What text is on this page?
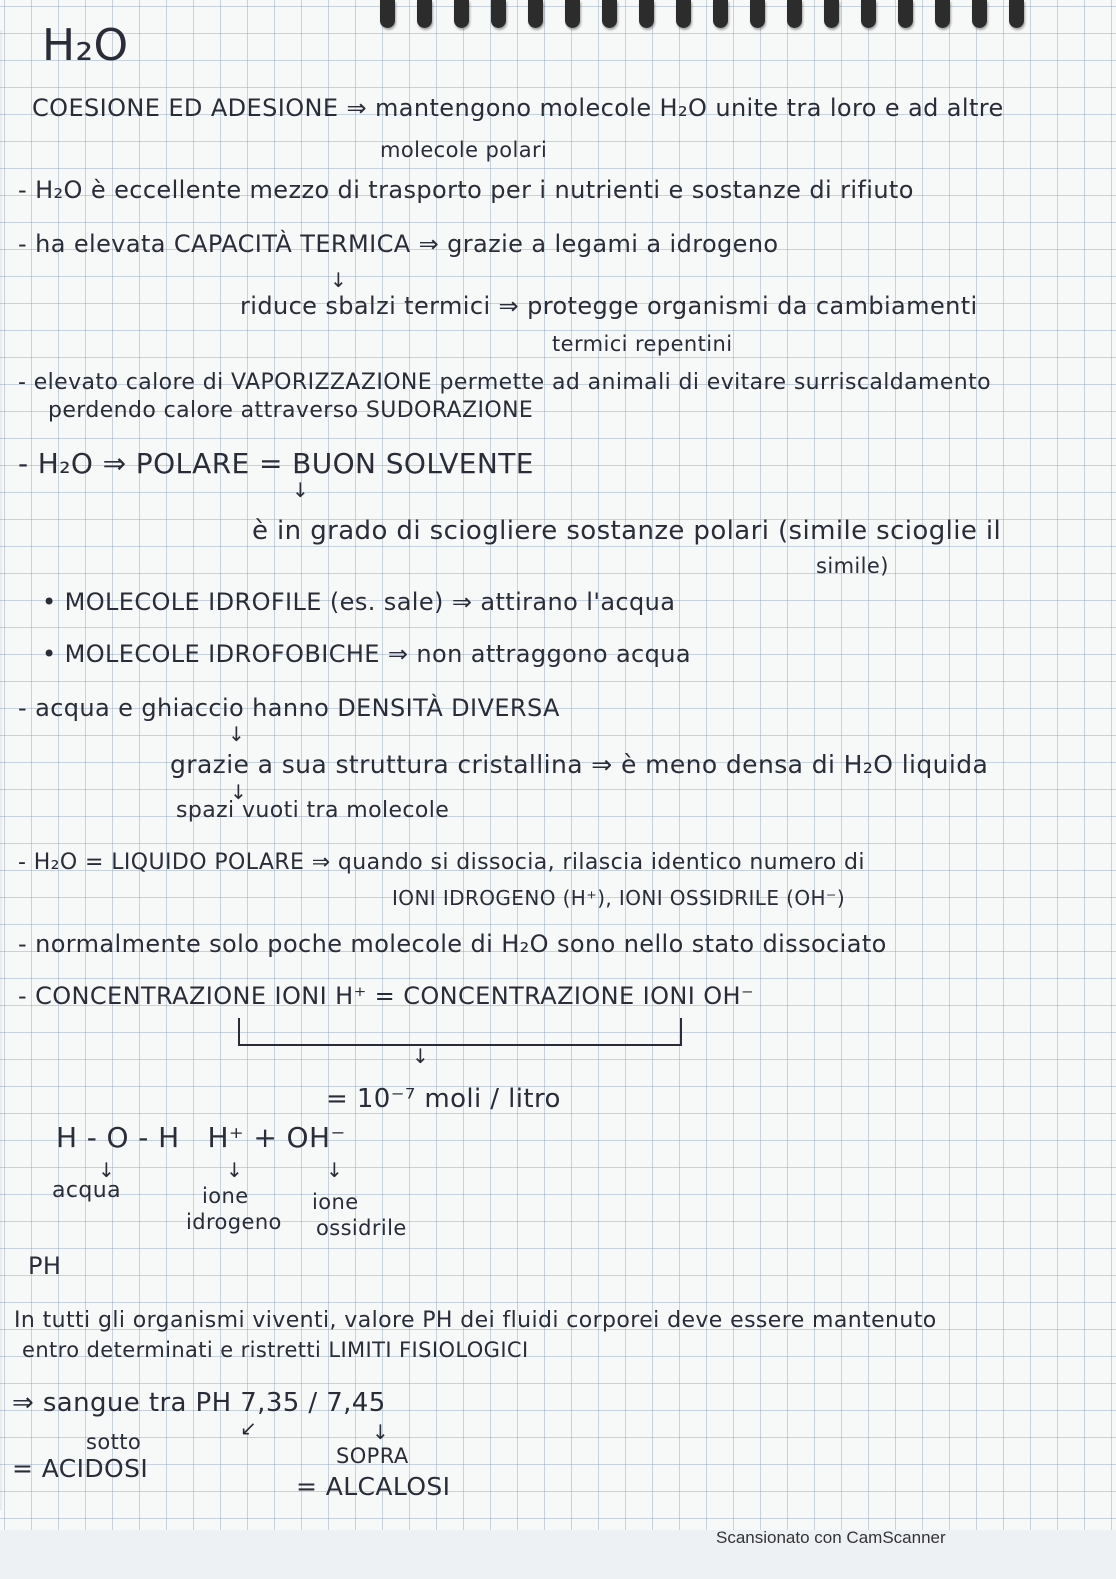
H₂O
COESIONE ED ADESIONE ⇒ mantengono molecole H₂O unite tra loro e ad altre
molecole polari
- H₂O è eccellente mezzo di trasporto per i nutrienti e sostanze di rifiuto
- ha elevata CAPACITÀ TERMICA ⇒ grazie a legami a idrogeno
↓
riduce sbalzi termici ⇒ protegge organismi da cambiamenti
termici repentini
- elevato calore di VAPORIZZAZIONE permette ad animali di evitare surriscaldamento
perdendo calore attraverso SUDORAZIONE
- H₂O ⇒ POLARE = BUON SOLVENTE
↓
è in grado di sciogliere sostanze polari (simile scioglie il
simile)
• MOLECOLE IDROFILE (es. sale) ⇒ attirano l'acqua
• MOLECOLE IDROFOBICHE ⇒ non attraggono acqua
- acqua e ghiaccio hanno DENSITÀ DIVERSA
↓
grazie a sua struttura cristallina ⇒ è meno densa di H₂O liquida
↓
spazi vuoti tra molecole
- H₂O = LIQUIDO POLARE ⇒ quando si dissocia, rilascia identico numero di
IONI IDROGENO (H⁺), IONI OSSIDRILE (OH⁻)
- normalmente solo poche molecole di H₂O sono nello stato dissociato
- CONCENTRAZIONE IONI H⁺ = CONCENTRAZIONE IONI OH⁻
↓
= 10⁻⁷ moli / litro
H - O - H   H⁺ + OH⁻
↓	↓	↓
acqua	ione
idrogeno
ione
ossidrile
PH
In tutti gli organismi viventi, valore PH dei fluidi corporei deve essere mantenuto
entro determinati e ristretti LIMITI FISIOLOGICI
⇒ sangue tra PH 7,35 / 7,45
↙	↓
sotto
= ACIDOSI	SOPRA
= ALCALOSI
Scansionato con CamScanner
